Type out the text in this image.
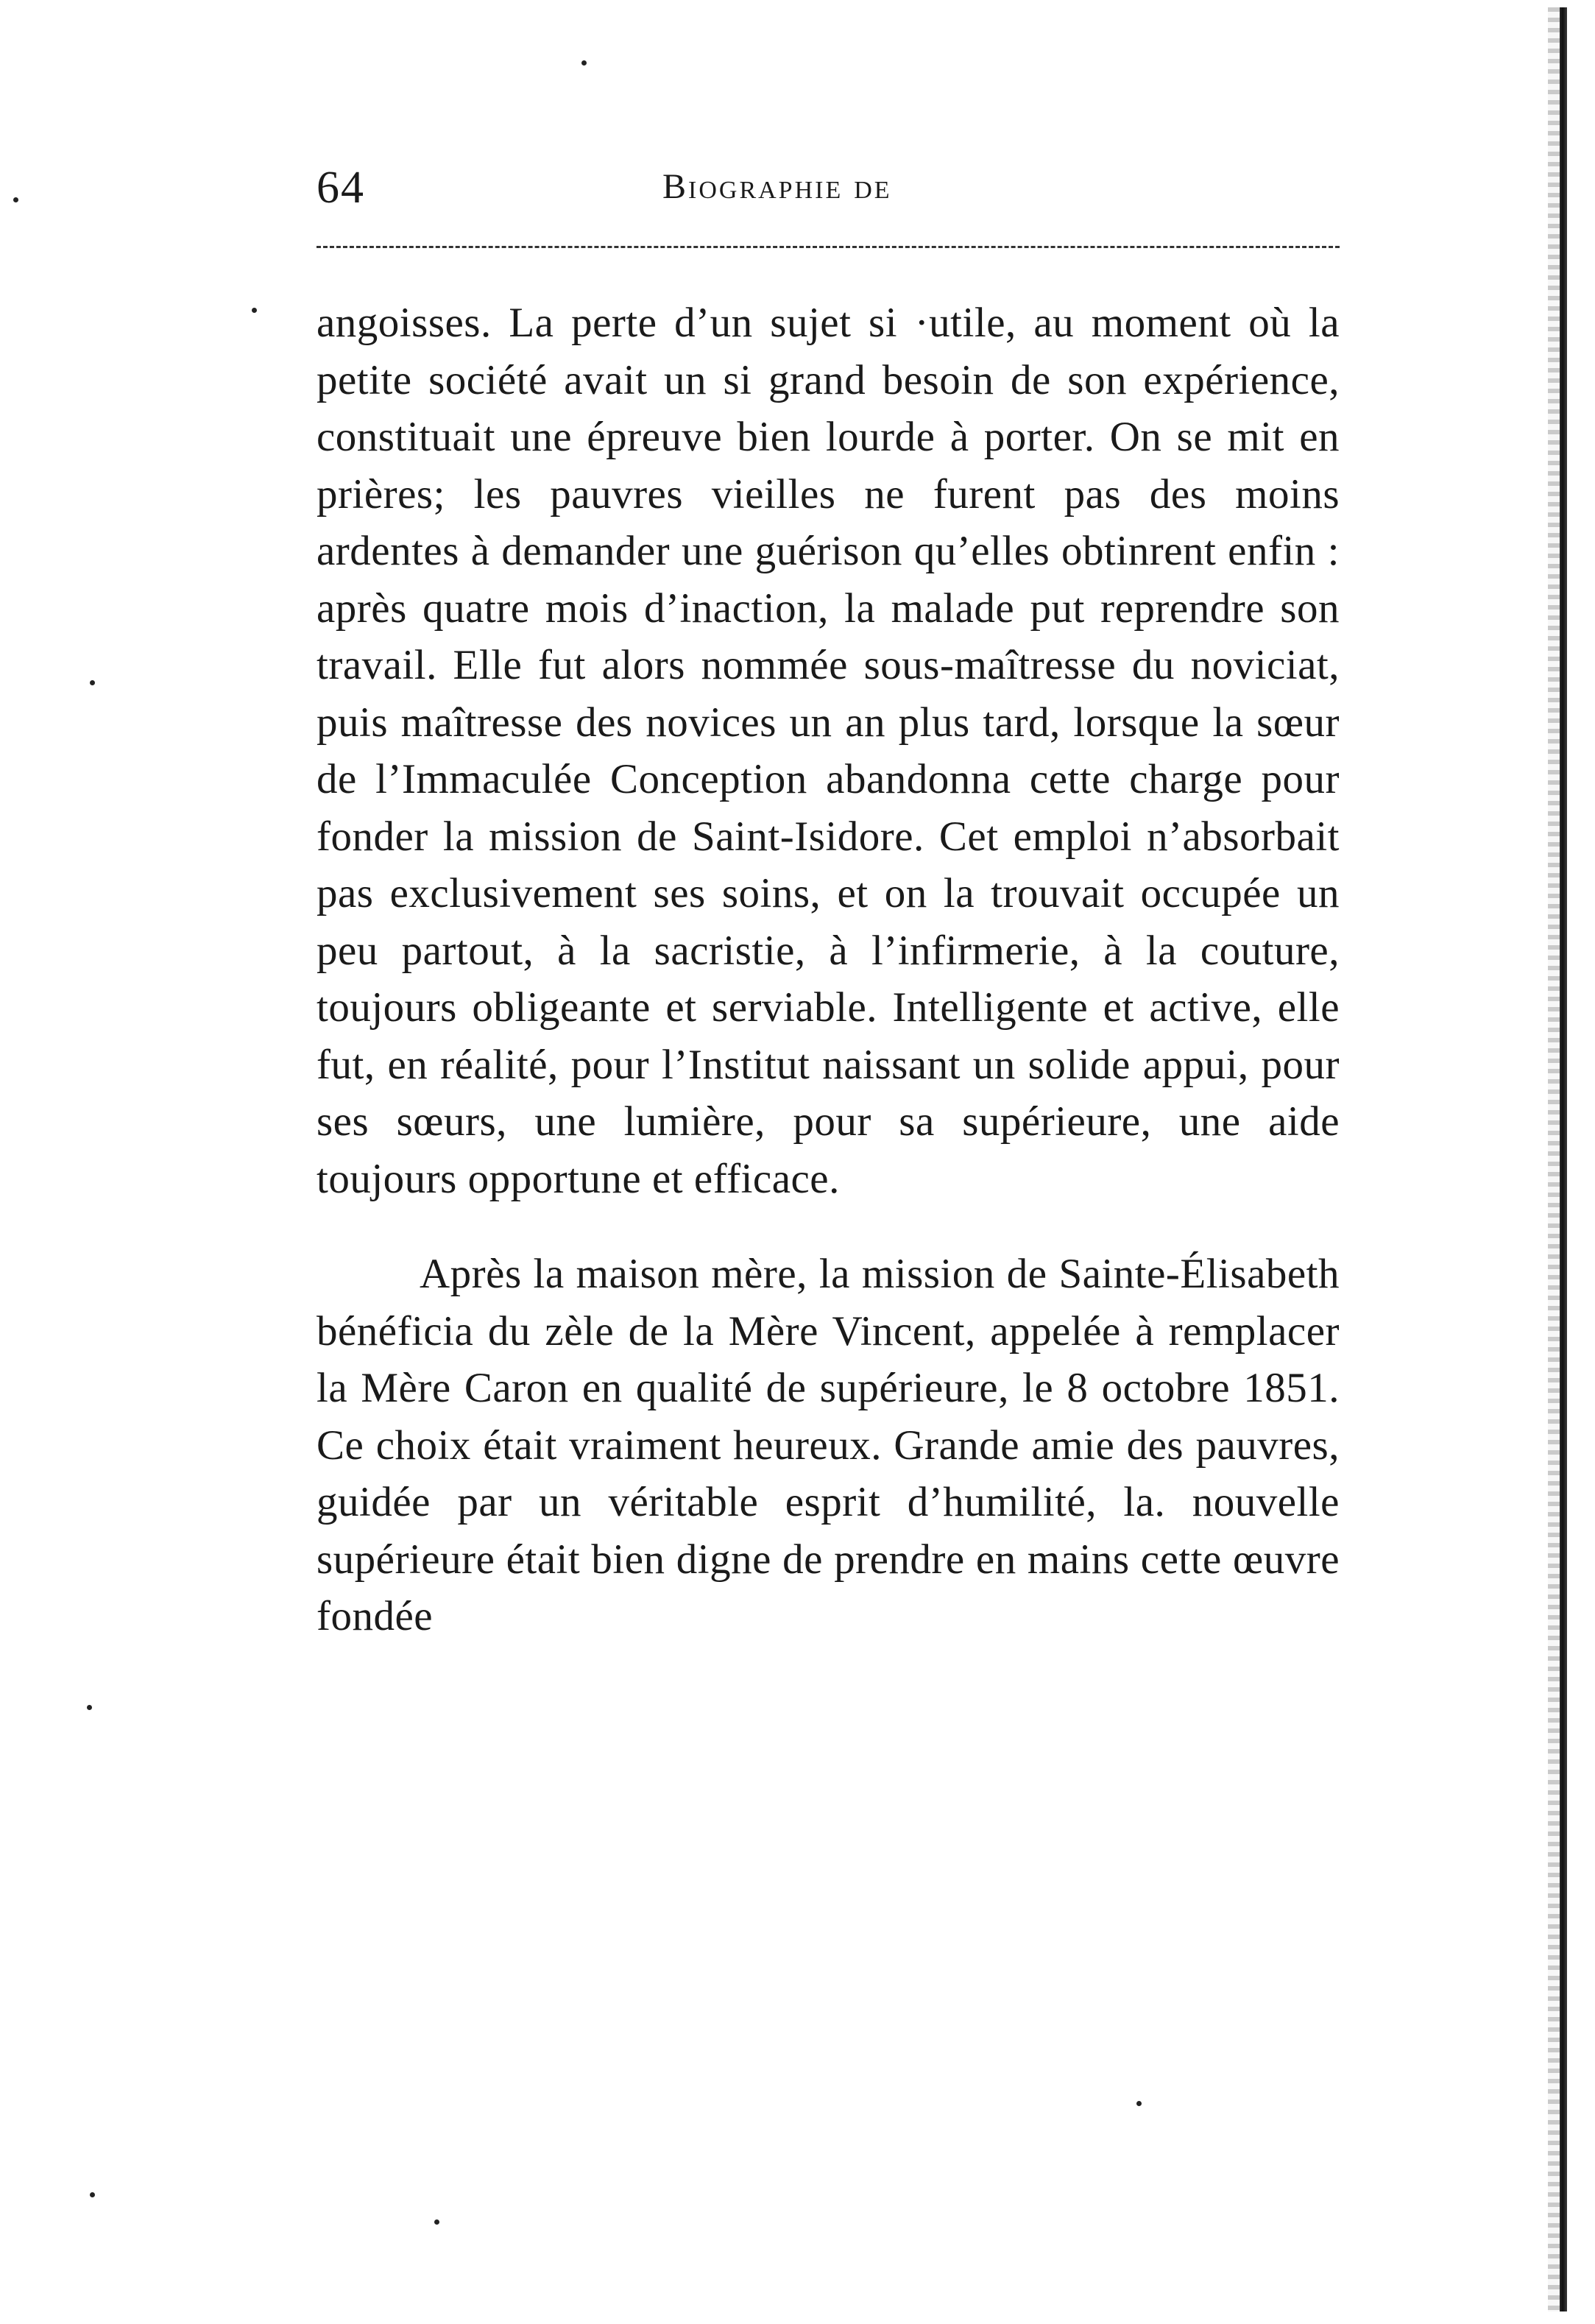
64	Biographie de

angoisses. La perte d’un sujet si ·utile, au moment où la petite société avait un si grand besoin de son expérience, constituait une épreuve bien lourde à porter. On se mit en prières; les pauvres vieilles ne furent pas des moins ardentes à demander une guérison qu’elles obtinrent enfin : après quatre mois d’inaction, la malade put reprendre son travail. Elle fut alors nommée sous-maîtresse du noviciat, puis maîtresse des novices un an plus tard, lorsque la sœur de l’Immaculée Conception abandonna cette charge pour fonder la mission de Saint-Isidore. Cet emploi n’absorbait pas exclusivement ses soins, et on la trouvait occupée un peu partout, à la sacristie, à l’infirmerie, à la couture, toujours obligeante et serviable. Intelligente et active, elle fut, en réalité, pour l’Institut naissant un solide appui, pour ses sœurs, une lumière, pour sa supérieure, une aide toujours opportune et efficace.

Après la maison mère, la mission de Sainte-Élisabeth bénéficia du zèle de la Mère Vincent, appelée à remplacer la Mère Caron en qualité de supérieure, le 8 octobre 1851. Ce choix était vraiment heureux. Grande amie des pauvres, guidée par un véritable esprit d’humilité, la. nouvelle supérieure était bien digne de prendre en mains cette œuvre fondée
